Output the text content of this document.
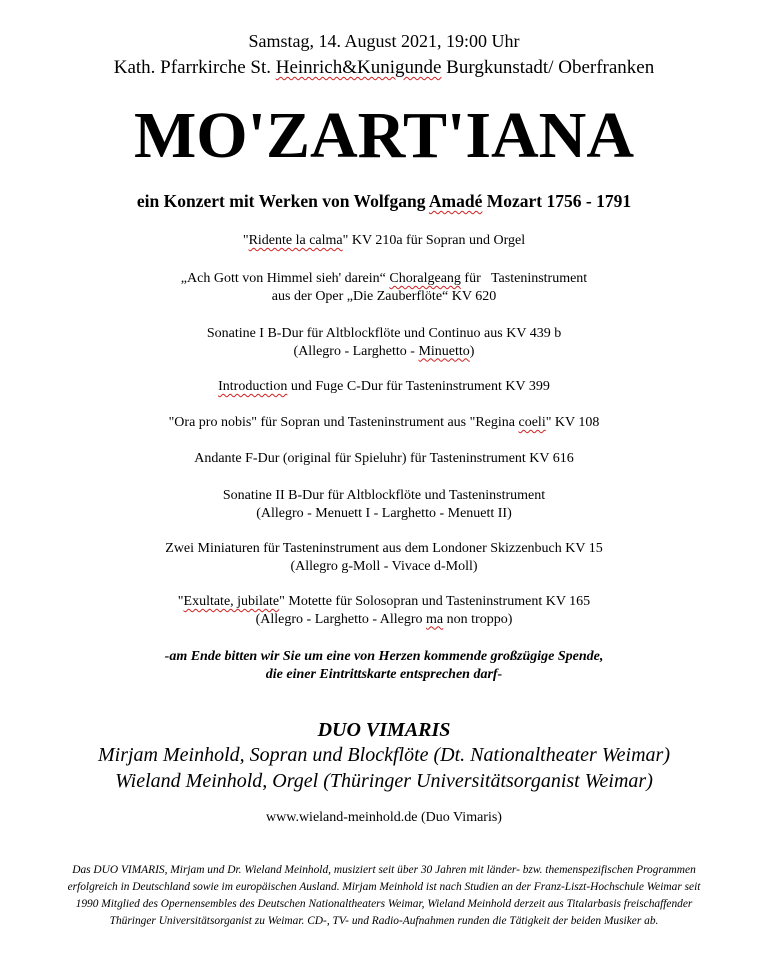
Samstag, 14. August 2021, 19:00 Uhr
Kath. Pfarrkirche St. Heinrich&Kunigunde Burgkunstadt/ Oberfranken
MO'ZART'IANA
ein Konzert mit Werken von Wolfgang Amadé Mozart 1756 - 1791
"Ridente la calma" KV 210a für Sopran und Orgel
„Ach Gott von Himmel sieh' darein“ Choralgeang für   Tasteninstrument
aus der Oper „Die Zauberflöte“ KV 620
Sonatine I B-Dur für Altblockflöte und Continuo aus KV 439 b
(Allegro - Larghetto - Minuetto)
Introduction und Fuge C-Dur für Tasteninstrument KV 399
"Ora pro nobis" für Sopran und Tasteninstrument aus "Regina coeli" KV 108
Andante F-Dur (original für Spieluhr) für Tasteninstrument KV 616
Sonatine II B-Dur für Altblockflöte und Tasteninstrument
(Allegro - Menuett I - Larghetto - Menuett II)
Zwei Miniaturen für Tasteninstrument aus dem Londoner Skizzenbuch KV 15
(Allegro g-Moll - Vivace d-Moll)
"Exultate, jubilate" Motette für Solosopran und Tasteninstrument KV 165
(Allegro - Larghetto - Allegro ma non troppo)
-am Ende bitten wir Sie um eine von Herzen kommende großzügige Spende,
die einer Eintrittskarte entsprechen darf-
DUO VIMARIS
Mirjam Meinhold, Sopran und Blockflöte (Dt. Nationaltheater Weimar)
Wieland Meinhold, Orgel (Thüringer Universitätsorganist Weimar)
www.wieland-meinhold.de (Duo Vimaris)
Das DUO VIMARIS, Mirjam und Dr. Wieland Meinhold, musiziert seit über 30 Jahren mit länder- bzw. themenspezifischen Programmen erfolgreich in Deutschland sowie im europäischen Ausland. Mirjam Meinhold ist nach Studien an der Franz-Liszt-Hochschule Weimar seit 1990 Mitglied des Opernensembles des Deutschen Nationaltheaters Weimar, Wieland Meinhold derzeit aus Titalarbasis freischaffender Thüringer Universitätsorganist zu Weimar. CD-, TV- und Radio-Aufnahmen runden die Tätigkeit der beiden Musiker ab.
